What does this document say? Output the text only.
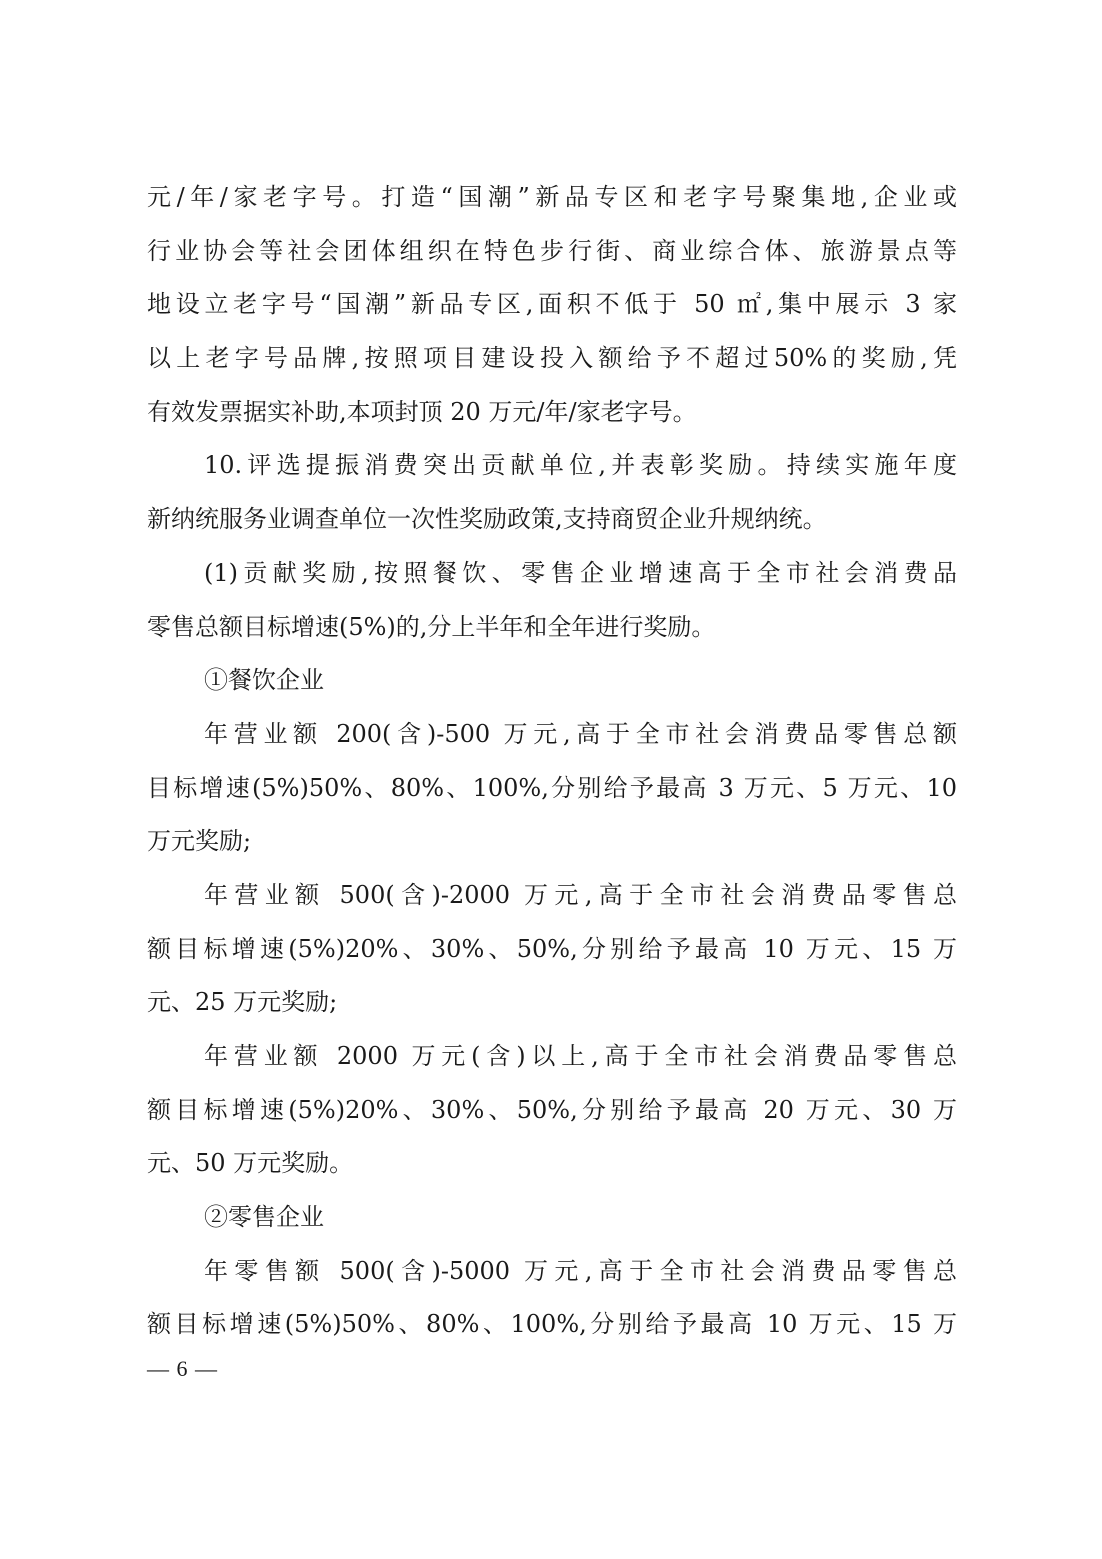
元/年/家老字号。打造“国潮”新品专区和老字号聚集地,企业或
行业协会等社会团体组织在特色步行街、商业综合体、旅游景点等
地设立老字号“国潮”新品专区,面积不低于 50 ㎡,集中展示 3 家
以上老字号品牌,按照项目建设投入额给予不超过50%的奖励,凭
有效发票据实补助,本项封顶 20 万元/年/家老字号。
10.评选提振消费突出贡献单位,并表彰奖励。持续实施年度
新纳统服务业调查单位一次性奖励政策,支持商贸企业升规纳统。
(1)贡献奖励,按照餐饮、零售企业增速高于全市社会消费品
零售总额目标增速(5%)的,分上半年和全年进行奖励。
①餐饮企业
年营业额 200(含)-500 万元,高于全市社会消费品零售总额
目标增速(5%)50%、80%、100%,分别给予最高 3 万元、5 万元、10
万元奖励;
年营业额 500(含)-2000 万元,高于全市社会消费品零售总
额目标增速(5%)20%、30%、50%,分别给予最高 10 万元、15 万
元、25 万元奖励;
年营业额 2000 万元(含)以上,高于全市社会消费品零售总
额目标增速(5%)20%、30%、50%,分别给予最高 20 万元、30 万
元、50 万元奖励。
②零售企业
年零售额 500(含)-5000 万元,高于全市社会消费品零售总
额目标增速(5%)50%、80%、100%,分别给予最高 10 万元、15 万
— 6 —
